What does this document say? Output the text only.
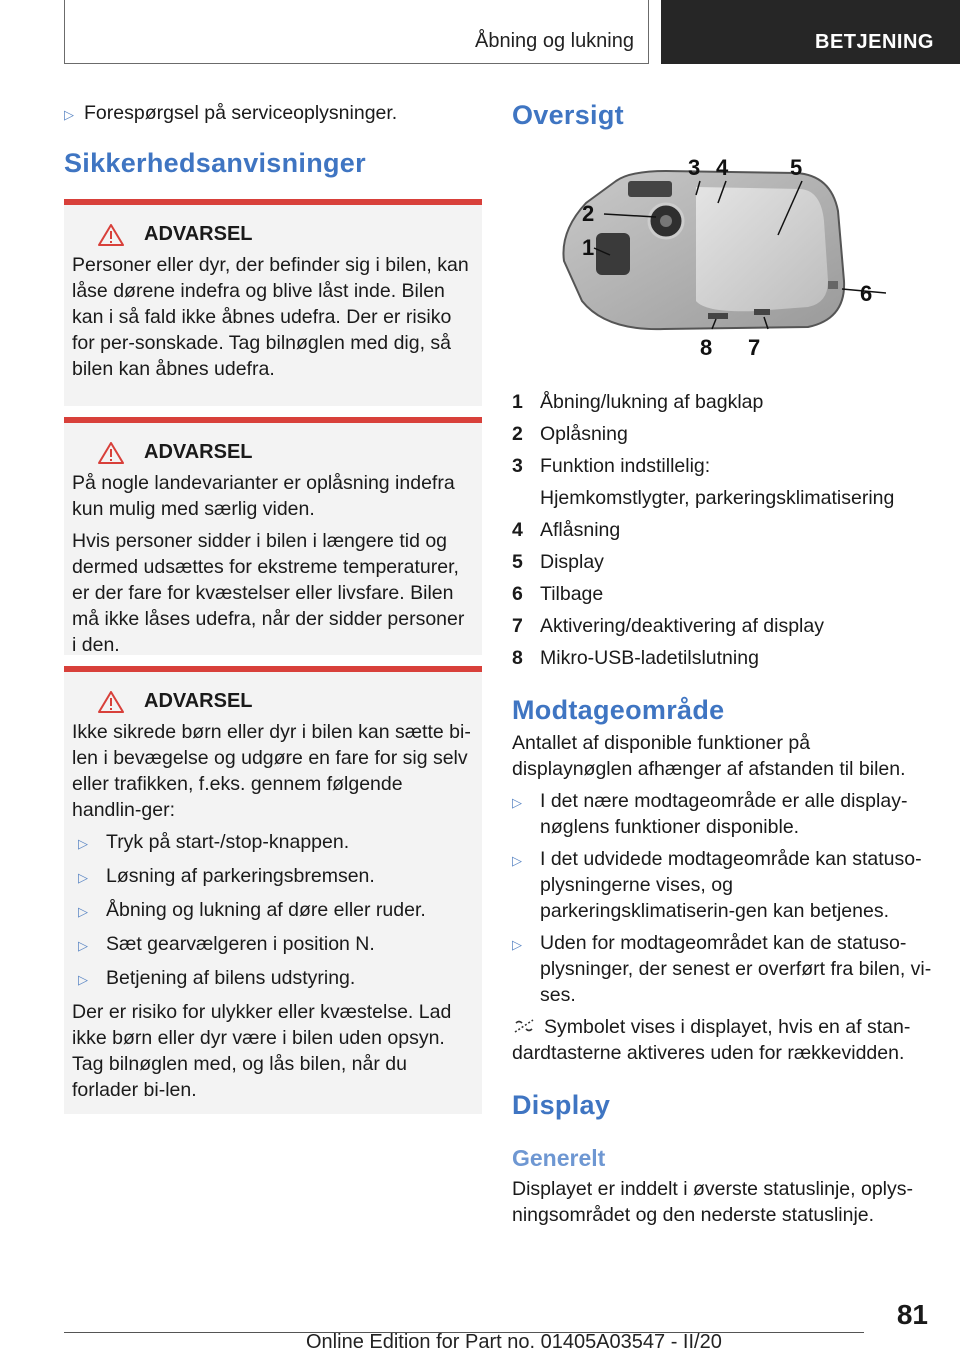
Åbning og lukning	BETJENING
▷ Forespørgsel på serviceoplysninger.
Sikkerhedsanvisninger
ADVARSEL

Personer eller dyr, der befinder sig i bilen, kan låse dørene indefra og blive låst inde. Bilen kan i så fald ikke åbnes udefra. Der er risiko for per-sonskade. Tag bilnøglen med dig, så bilen kan åbnes udefra.

ADVARSEL

På nogle landevarianter er oplåsning indefra kun mulig med særlig viden.

Hvis personer sidder i bilen i længere tid og dermed udsættes for ekstreme temperaturer, er der fare for kvæstelser eller livsfare. Bilen må ikke låses udefra, når der sidder personer i den.

ADVARSEL

Ikke sikrede børn eller dyr i bilen kan sætte bi-len i bevægelse og udgøre en fare for sig selv eller trafikken, f.eks. gennem følgende handlin-ger:

▷ Tryk på start-/stop-knappen.
▷ Løsning af parkeringsbremsen.
▷ Åbning og lukning af døre eller ruder.
▷ Sæt gearvælgeren i position N.
▷ Betjening af bilens udstyring.

Der er risiko for ulykker eller kvæstelse. Lad ikke børn eller dyr være i bilen uden opsyn. Tag bilnøglen med, og lås bilen, når du forlader bi-len.

Oversigt
1
2
3 4	5
6
7
8
1 Åbning/lukning af bagklap
2 Oplåsning
3 Funktion indstillelig:
Hjemkomstlygter, parkeringsklimatisering
4 Aflåsning
5 Display
6 Tilbage
7 Aktivering/deaktivering af display
8 Mikro-USB-ladetilslutning
Modtageområde

Antallet af disponible funktioner på displaynøglen afhænger af afstanden til bilen.

▷ I det nære modtageområde er alle display-nøglens funktioner disponible.
▷ I det udvidede modtageområde kan statuso-plysningerne vises, og parkeringsklimatiserin-gen kan betjenes.
▷ Uden for modtageområdet kan de statuso-plysninger, der senest er overført fra bilen, vi-ses.

Symbolet vises i displayet, hvis en af stan-dardtasterne aktiveres uden for rækkevidden.

Display
Generelt

Displayet er inddelt i øverste statuslinje, oplys-ningsområdet og den nederste statuslinje.

81
Online Edition for Part no. 01405A03547 - II/20
